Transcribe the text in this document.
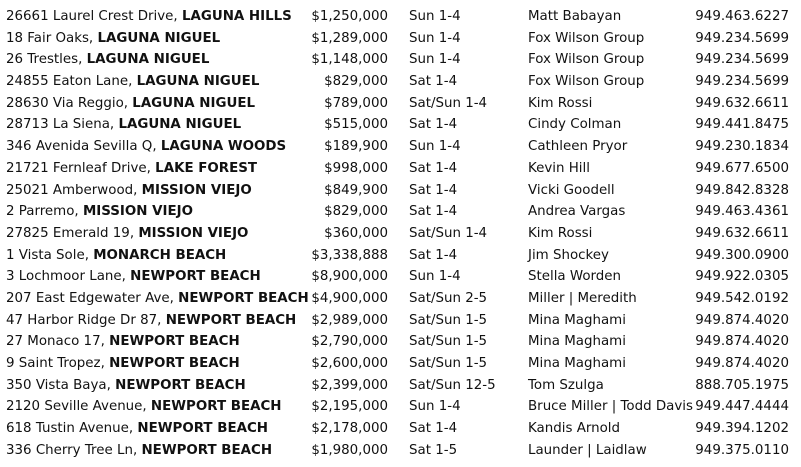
26661 Laurel Crest Drive, LAGUNA HILLS $1,250,000 Sun 1-4	Matt Babayan	949.463.6227
18 Fair Oaks, LAGUNA NIGUEL	$1,289,000 Sun 1-4	Fox Wilson Group	949.234.5699
26 Trestles, LAGUNA NIGUEL	$1,148,000 Sun 1-4	Fox Wilson Group	949.234.5699
24855 Eaton Lane, LAGUNA NIGUEL	$829,000 Sat 1-4	Fox Wilson Group	949.234.5699
28630 Via Reggio, LAGUNA NIGUEL	$789,000 Sat/Sun 1-4	Kim Rossi	949.632.6611
28713 La Siena, LAGUNA NIGUEL	$515,000 Sat 1-4	Cindy Colman	949.441.8475
346 Avenida Sevilla Q, LAGUNA WOODS	$189,900 Sun 1-4	Cathleen Pryor	949.230.1834
21721 Fernleaf Drive, LAKE FOREST	$998,000 Sat 1-4	Kevin Hill	949.677.6500
25021 Amberwood, MISSION VIEJO	$849,900 Sat 1-4	Vicki Goodell	949.842.8328
2 Parremo, MISSION VIEJO	$829,000 Sat 1-4	Andrea Vargas	949.463.4361
27825 Emerald 19, MISSION VIEJO	$360,000 Sat/Sun 1-4	Kim Rossi	949.632.6611
1 Vista Sole, MONARCH BEACH	$3,338,888 Sat 1-4	Jim Shockey	949.300.0900
3 Lochmoor Lane, NEWPORT BEACH	$8,900,000 Sun 1-4	Stella Worden	949.922.0305
207 East Edgewater Ave, NEWPORT BEACH $4,900,000 Sat/Sun 2-5	Miller | Meredith	949.542.0192
47 Harbor Ridge Dr 87, NEWPORT BEACH $2,989,000 Sat/Sun 1-5	Mina Maghami	949.874.4020
27 Monaco 17, NEWPORT BEACH	$2,790,000 Sat/Sun 1-5	Mina Maghami	949.874.4020
9 Saint Tropez, NEWPORT BEACH	$2,600,000 Sat/Sun 1-5	Mina Maghami	949.874.4020
350 Vista Baya, NEWPORT BEACH	$2,399,000 Sat/Sun 12-5 Tom Szulga	888.705.1975
2120 Seville Avenue, NEWPORT BEACH $2,195,000 Sun 1-4	Bruce Miller | Todd Davis 949.447.4444
618 Tustin Avenue, NEWPORT BEACH	$2,178,000 Sat 1-4	Kandis Arnold	949.394.1202
336 Cherry Tree Ln, NEWPORT BEACH	$1,980,000 Sat 1-5	Launder | Laidlaw	949.375.0110
